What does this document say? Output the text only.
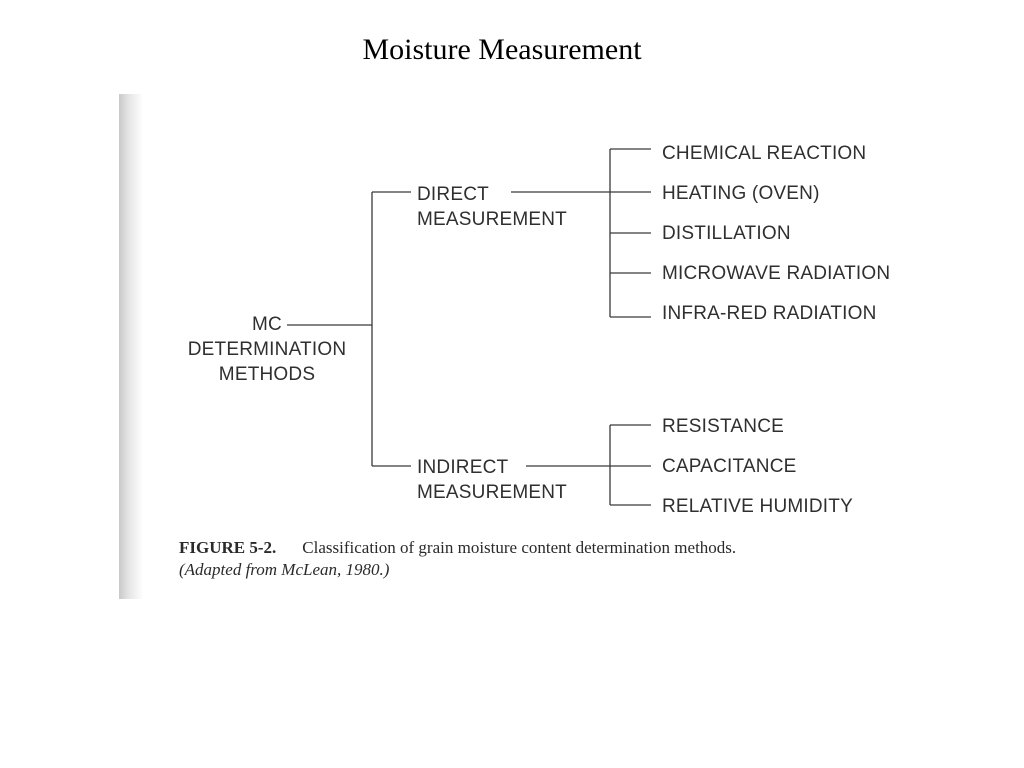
Moisture Measurement
MC
DETERMINATION
METHODS
DIRECT
MEASUREMENT
INDIRECT
MEASUREMENT
CHEMICAL REACTION
HEATING (OVEN)
DISTILLATION
MICROWAVE RADIATION
INFRA-RED RADIATION
RESISTANCE
CAPACITANCE
RELATIVE HUMIDITY
FIGURE 5-2. Classification of grain moisture content determination methods.
(Adapted from McLean, 1980.)
